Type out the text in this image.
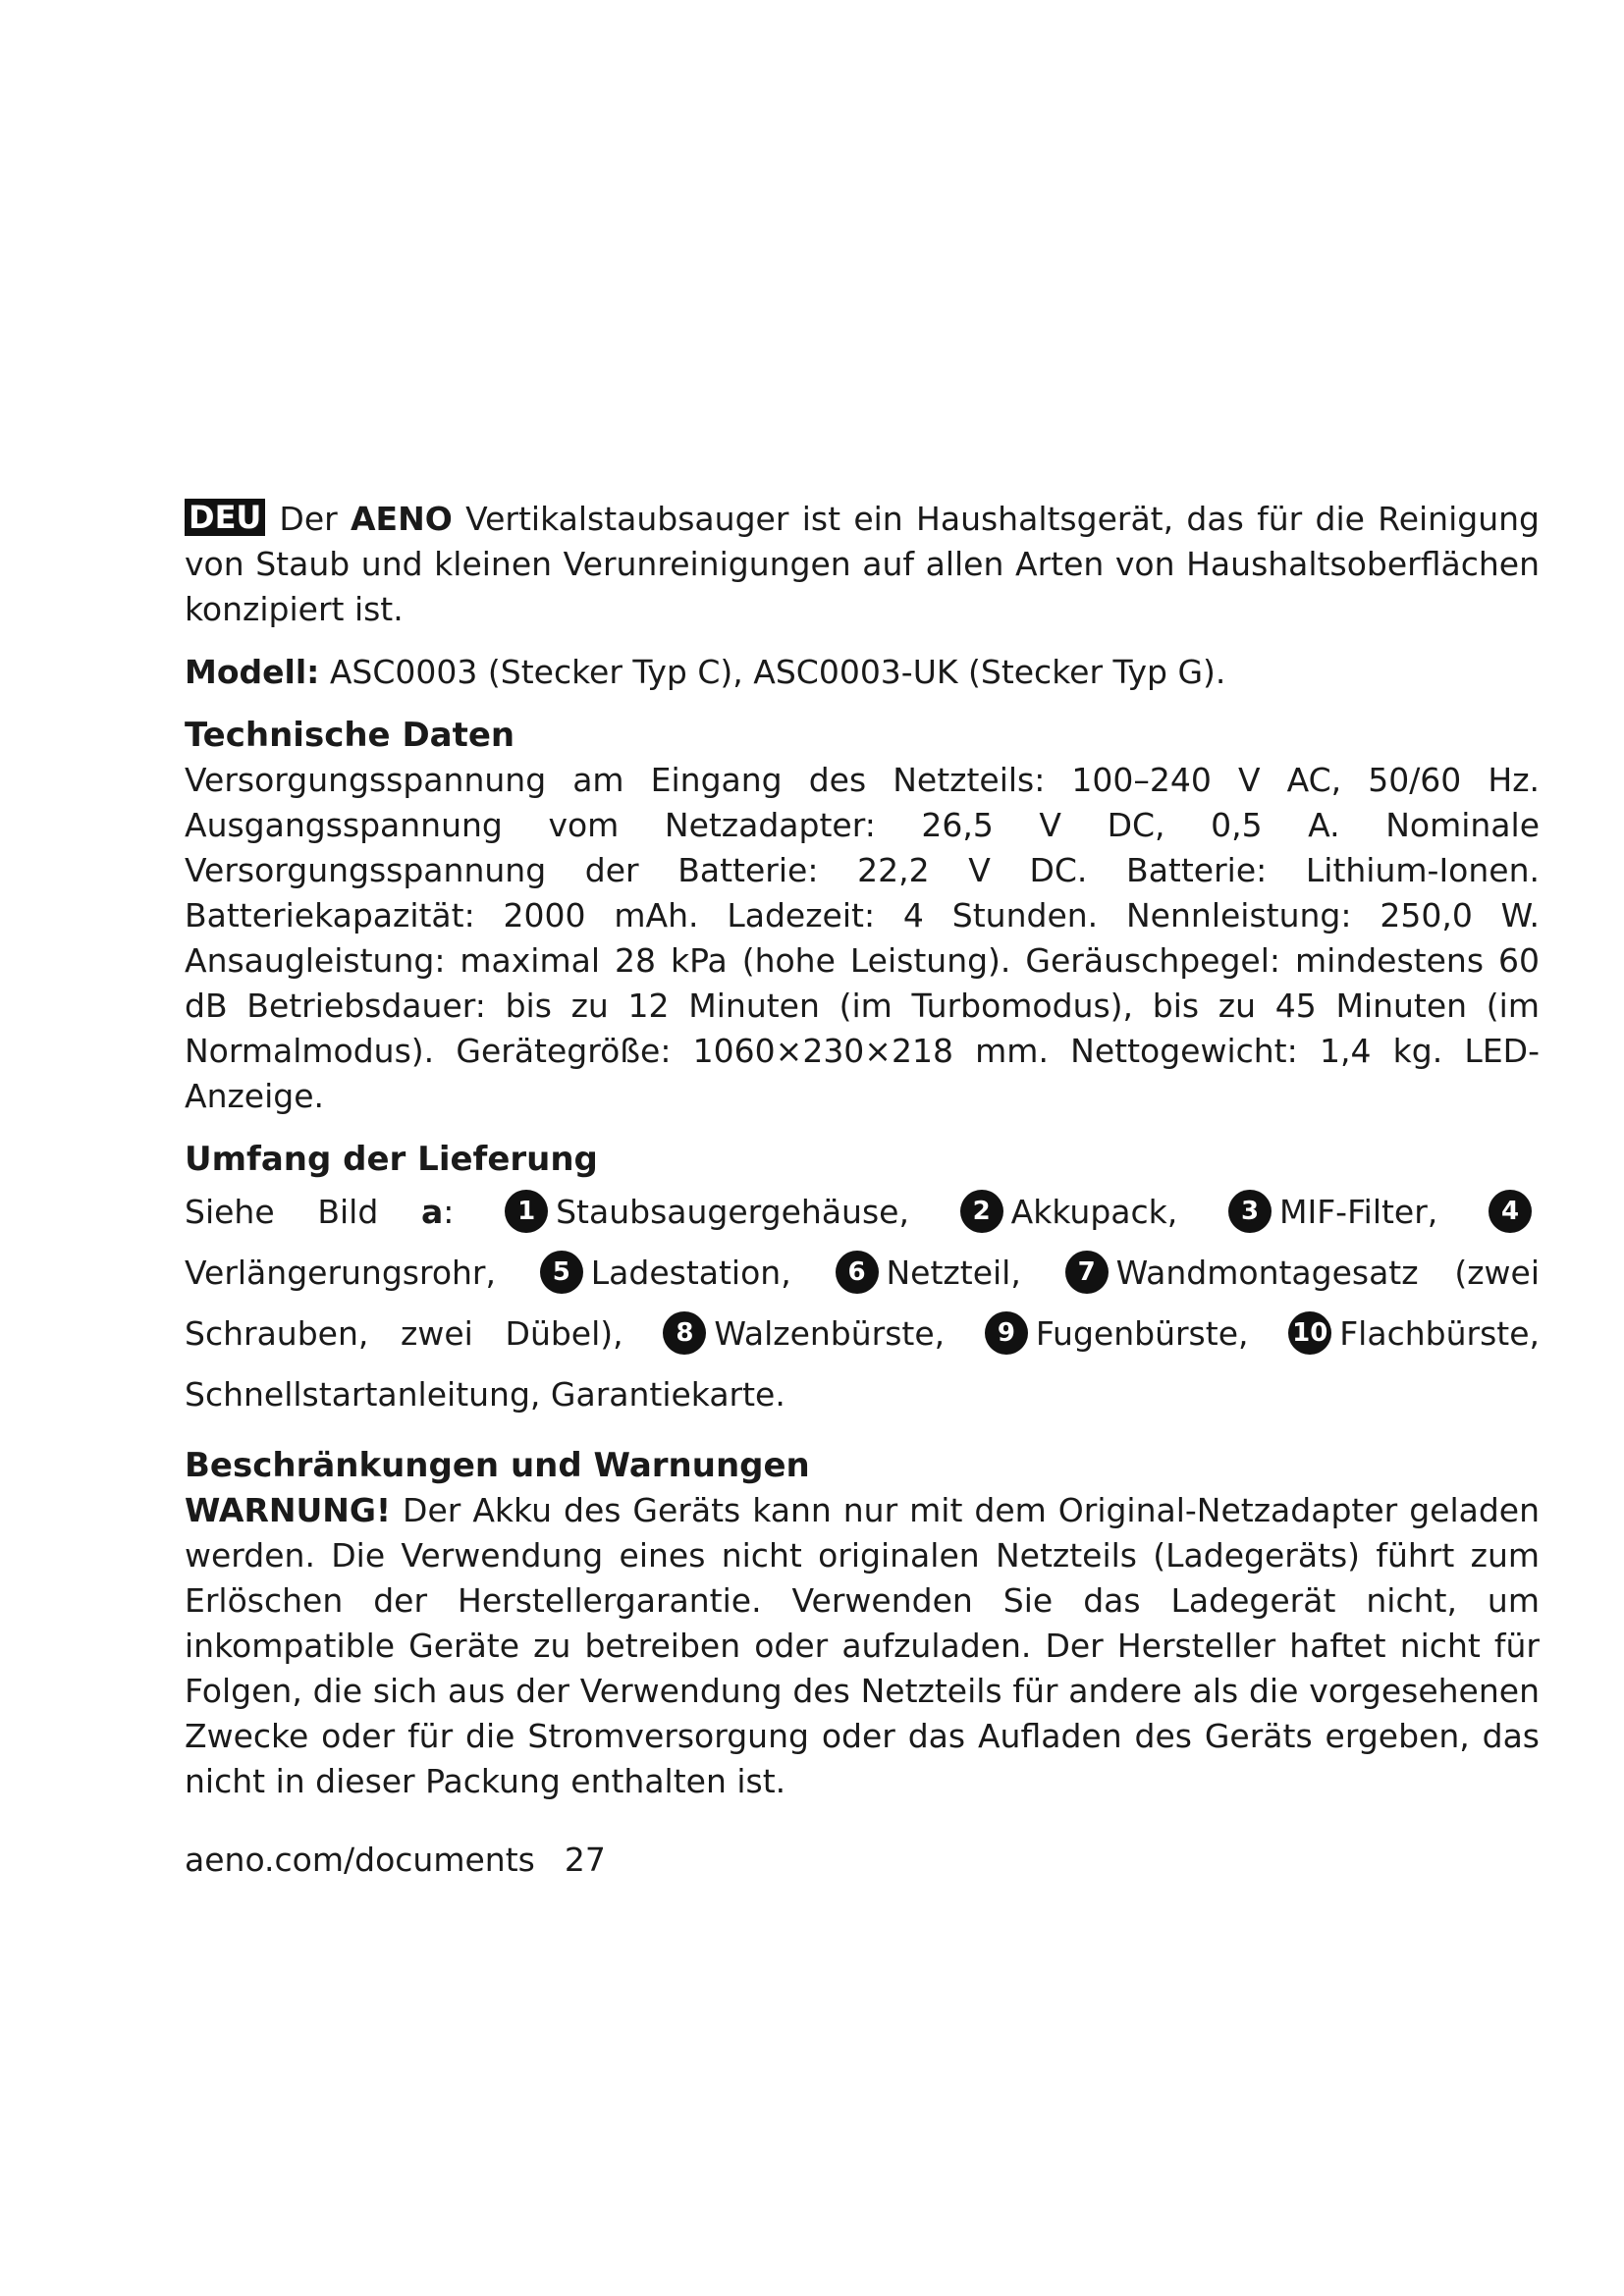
DEU Der AENO Vertikalstaubsauger ist ein Haushaltsgerät, das für die Reinigung von Staub und kleinen Verunreinigungen auf allen Arten von Haushaltsoberflächen konzipiert ist.

Modell: ASC0003 (Stecker Typ C), ASC0003-UK (Stecker Typ G).

Technische Daten

Versorgungsspannung am Eingang des Netzteils: 100–240 V AC, 50/60 Hz. Ausgangsspannung vom Netzadapter: 26,5 V DC, 0,5 A. Nominale Versorgungsspannung der Batterie: 22,2 V DC. Batterie: Lithium-Ionen. Batteriekapazität: 2000 mAh. Ladezeit: 4 Stunden. Nennleistung: 250,0 W. Ansaugleistung: maximal 28 kPa (hohe Leistung). Geräuschpegel: mindestens 60 dB Betriebsdauer: bis zu 12 Minuten (im Turbomodus), bis zu 45 Minuten (im Normalmodus). Gerätegröße: 1060×230×218 mm. Nettogewicht: 1,4 kg. LED-Anzeige.

Umfang der Lieferung

Siehe Bild a: 1 Staubsaugergehäuse, 2 Akkupack, 3 MIF-Filter, 4Verlängerungsrohr, 5 Ladestation, 6 Netzteil, 7 Wandmontagesatz (zwei Schrauben, zwei Dübel), 8 Walzenbürste, 9 Fugenbürste, 10 Flachbürste, Schnellstartanleitung, Garantiekarte.

Beschränkungen und Warnungen

WARNUNG! Der Akku des Geräts kann nur mit dem Original-Netzadapter geladen werden. Die Verwendung eines nicht originalen Netzteils (Ladegeräts) führt zum Erlöschen der Herstellergarantie. Verwenden Sie das Ladegerät nicht, um inkompatible Geräte zu betreiben oder aufzuladen. Der Hersteller haftet nicht für Folgen, die sich aus der Verwendung des Netzteils für andere als die vorgesehenen Zwecke oder für die Stromversorgung oder das Aufladen des Geräts ergeben, das nicht in dieser Packung enthalten ist.

aeno.com/documents 27
